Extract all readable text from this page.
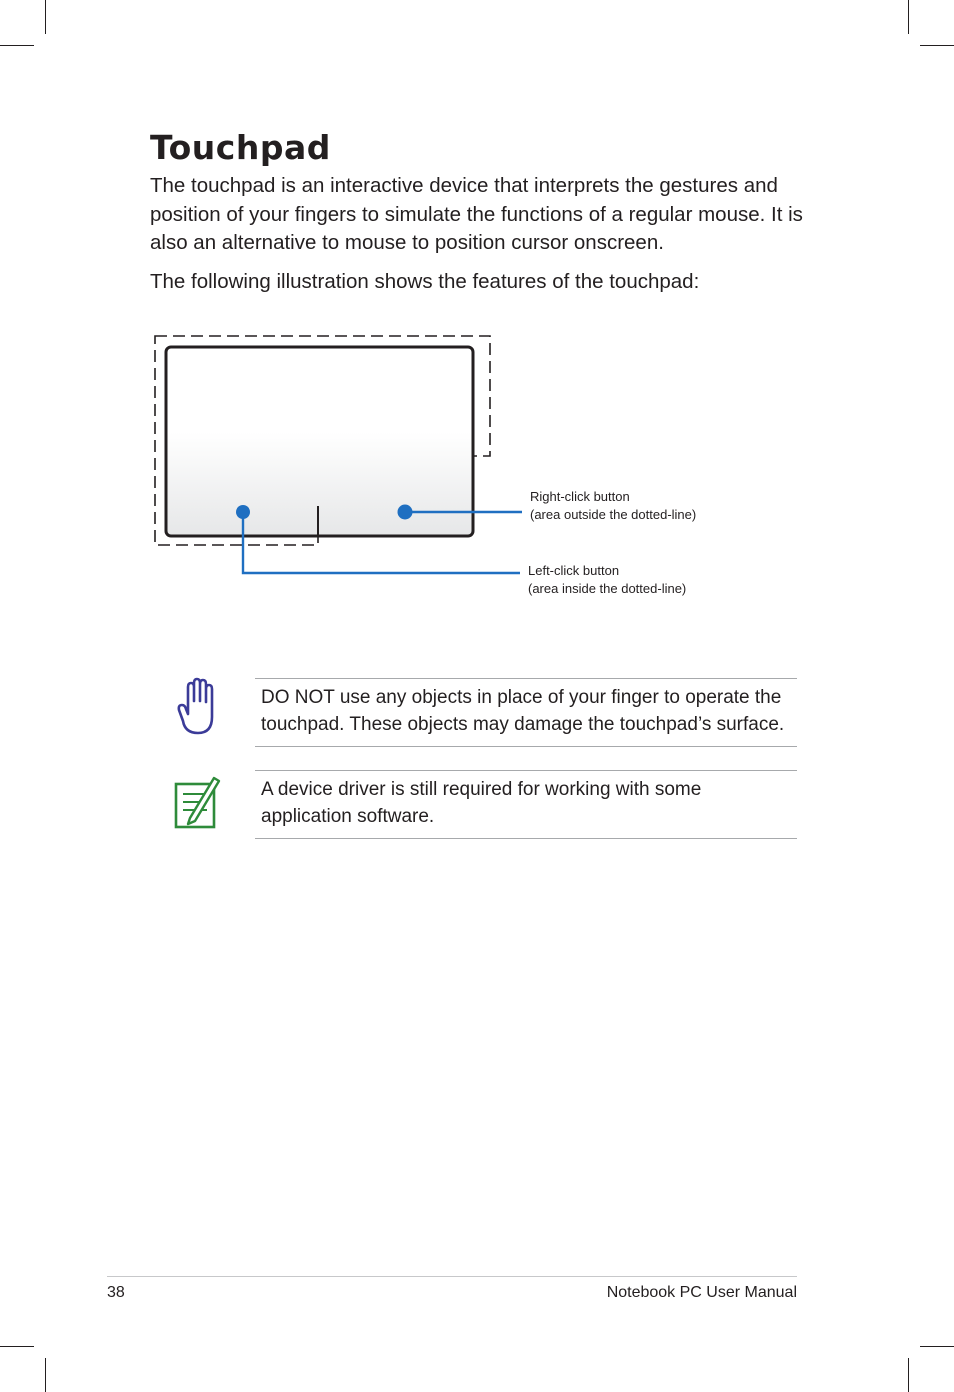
Touchpad

The touchpad is an interactive device that interprets the gestures and position of your fingers to simulate the functions of a regular mouse. It is also an alternative to mouse to position cursor onscreen.

The following illustration shows the features of the touchpad:

Right-click button
(area outside the dotted-line)
Left-click button
(area inside the dotted-line)

DO NOT use any objects in place of your finger to operate the touchpad. These objects may damage the touchpad’s surface.

A device driver is still required for working with some application software.

38	Notebook PC User Manual
